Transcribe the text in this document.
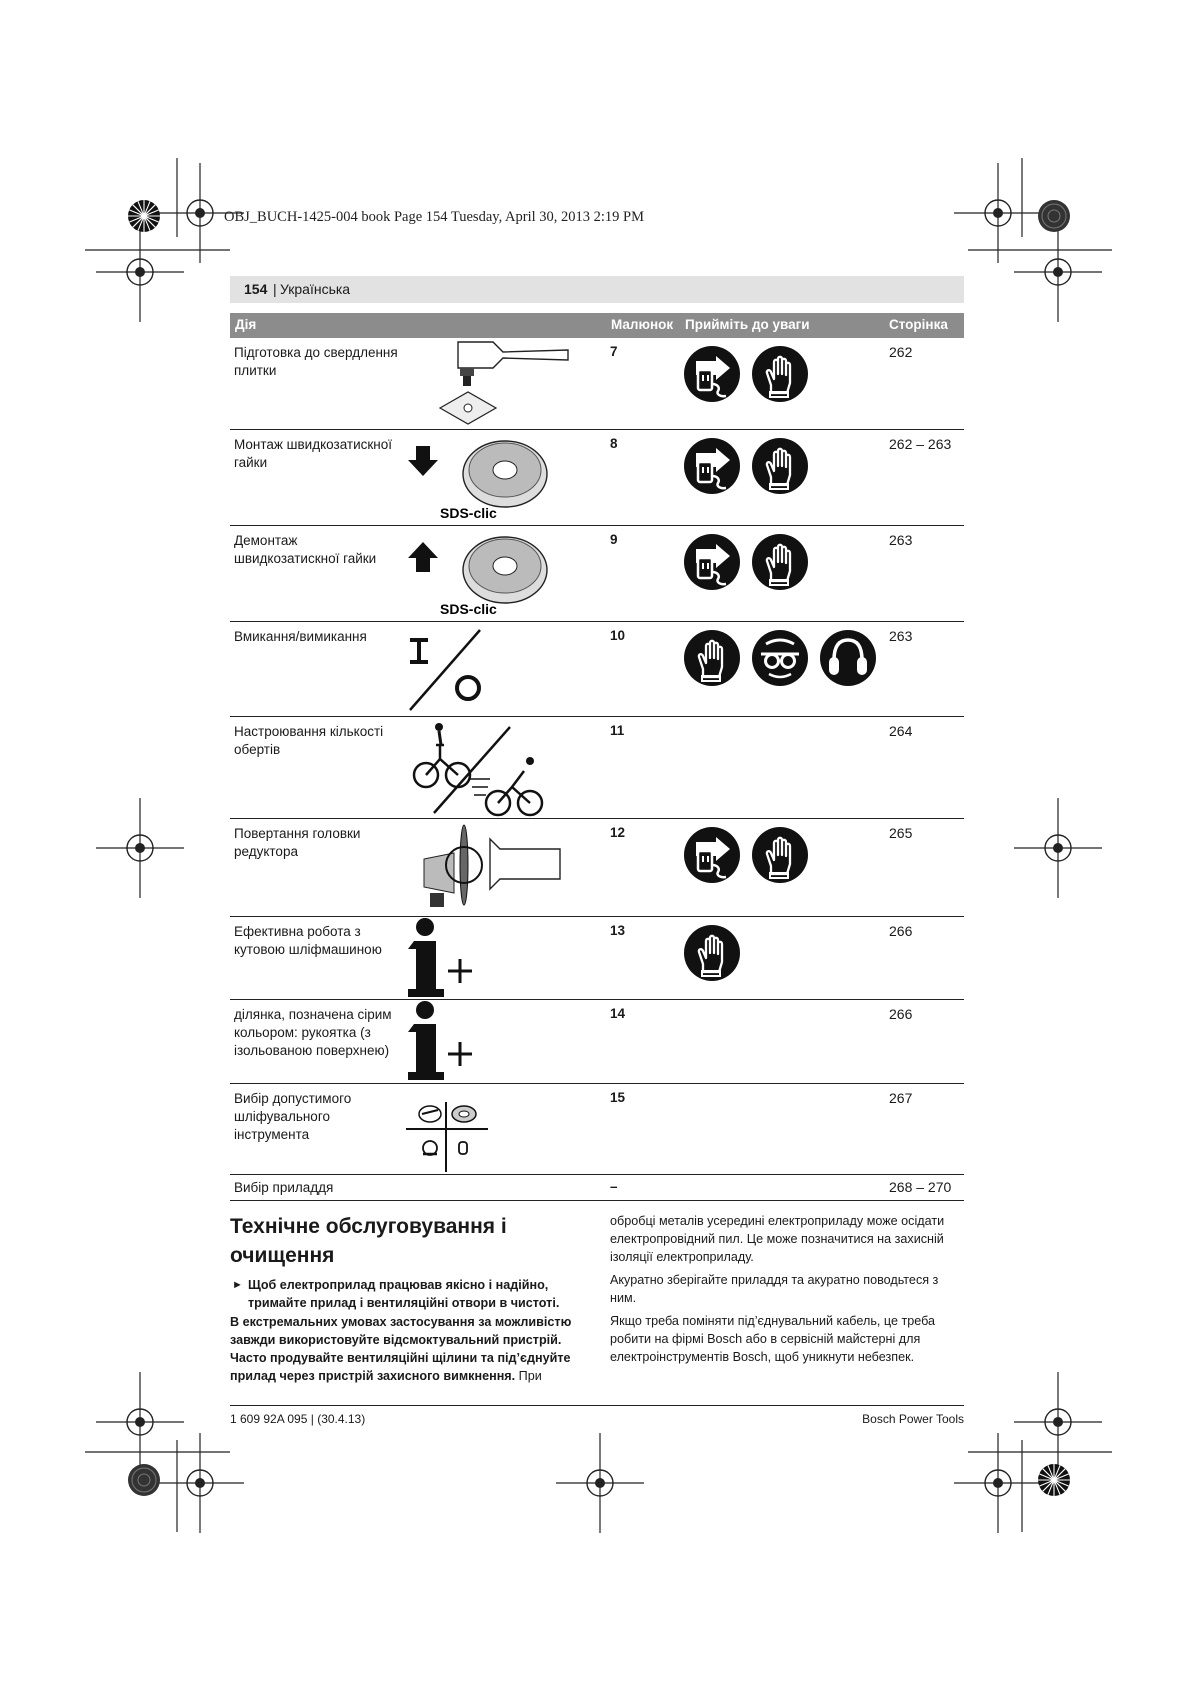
OBJ_BUCH-1425-004 book Page 154 Tuesday, April 30, 2013 2:19 PM
154 | Українська
Дія	Малюнок Прийміть до уваги	Сторінка
Підготовка до свердлення плитки
7	262
Монтаж швидкозатискної гайки
SDS-clic
8	262 – 263
Демонтаж швидкозатискної гайки
SDS-clic
9	263
Вмикання/вимикання	10	263
Настроювання кількості обертів
11	264
Повертання головки редуктора
12	265
Ефективна робота з кутовою шліфмашиною
13	266
ділянка, позначена сірим кольором: рукоятка (з ізольованою поверхнею)
14	266
Вибір допустимого шліфувального інструмента
15	267
Вибір приладдя	–	268 – 270
Технічне обслуговування і очищення
► Щоб електроприлад працював якісно і надійно, тримайте прилад і вентиляційні отвори в чистоті.
В екстремальних умовах застосування за можливістю завжди використовуйте відсмоктувальний пристрій. Часто продувайте вентиляційні щілини та під’єднуйте прилад через пристрій захисного вимкнення. При

обробці металів усередині електроприладу може осідати електропровідний пил. Це може позначитися на захисній ізоляції електроприладу.

Акуратно зберігайте приладдя та акуратно поводьтеся з ним.

Якщо треба поміняти під’єднувальний кабель, це треба робити на фірмі Bosch або в сервісній майстерні для електроінструментів Bosch, щоб уникнути небезпек.

1 609 92A 095 | (30.4.13)	Bosch Power Tools
